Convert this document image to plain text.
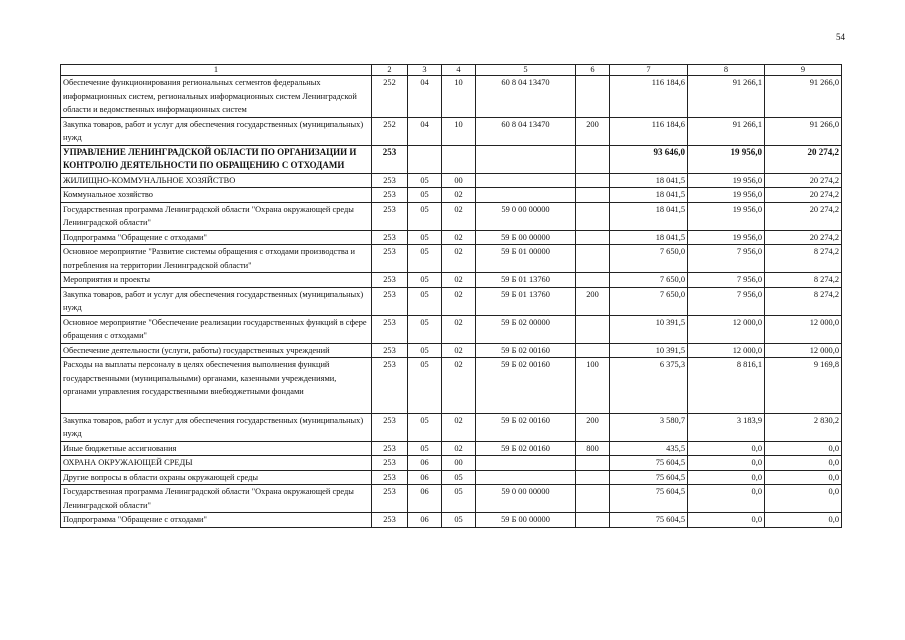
54
1	2	3	4	5	6	7	8	9
Обеспечение функционирования региональных сегментов федеральных информационных систем, региональных информационных систем Ленинградской области и ведомственных информационных систем	252	04	10	60 8 04 13470		116 184,6	91 266,1	91 266,0
Закупка товаров, работ и услуг для обеспечения государственных (муниципальных) нужд	252	04	10	60 8 04 13470	200	116 184,6	91 266,1	91 266,0
УПРАВЛЕНИЕ ЛЕНИНГРАДСКОЙ ОБЛАСТИ ПО ОРГАНИЗАЦИИ И КОНТРОЛЮ ДЕЯТЕЛЬНОСТИ ПО ОБРАЩЕНИЮ С ОТХОДАМИ	253					93 646,0	19 956,0	20 274,2
ЖИЛИЩНО-КОММУНАЛЬНОЕ ХОЗЯЙСТВО	253	05	00			18 041,5	19 956,0	20 274,2
Коммунальное хозяйство	253	05	02			18 041,5	19 956,0	20 274,2
Государственная программа Ленинградской области "Охрана окружающей среды Ленинградской области"	253	05	02	59 0 00 00000		18 041,5	19 956,0	20 274,2
Подпрограмма "Обращение с отходами"	253	05	02	59 Б 00 00000		18 041,5	19 956,0	20 274,2
Основное мероприятие "Развитие системы обращения с отходами производства и потребления на территории Ленинградской области"	253	05	02	59 Б 01 00000		7 650,0	7 956,0	8 274,2
Мероприятия и проекты	253	05	02	59 Б 01 13760		7 650,0	7 956,0	8 274,2
Закупка товаров, работ и услуг для обеспечения государственных (муниципальных) нужд	253	05	02	59 Б 01 13760	200	7 650,0	7 956,0	8 274,2
Основное мероприятие "Обеспечение реализации государственных функций в сфере обращения с отходами"	253	05	02	59 Б 02 00000		10 391,5	12 000,0	12 000,0
Обеспечение деятельности (услуги, работы) государственных учреждений	253	05	02	59 Б 02 00160		10 391,5	12 000,0	12 000,0
Расходы на выплаты персоналу в целях обеспечения выполнения функций государственными (муниципальными) органами, казенными учреждениями, органами управления государственными внебюджетными фондами	253	05	02	59 Б 02 00160	100	6 375,3	8 816,1	9 169,8
Закупка товаров, работ и услуг для обеспечения государственных (муниципальных) нужд	253	05	02	59 Б 02 00160	200	3 580,7	3 183,9	2 830,2
Иные бюджетные ассигнования	253	05	02	59 Б 02 00160	800	435,5	0,0	0,0
ОХРАНА ОКРУЖАЮЩЕЙ СРЕДЫ	253	06	00			75 604,5	0,0	0,0
Другие вопросы в области охраны окружающей среды	253	06	05			75 604,5	0,0	0,0
Государственная программа Ленинградской области "Охрана окружающей среды Ленинградской области"	253	06	05	59 0 00 00000		75 604,5	0,0	0,0
Подпрограмма "Обращение с отходами"	253	06	05	59 Б 00 00000		75 604,5	0,0	0,0
